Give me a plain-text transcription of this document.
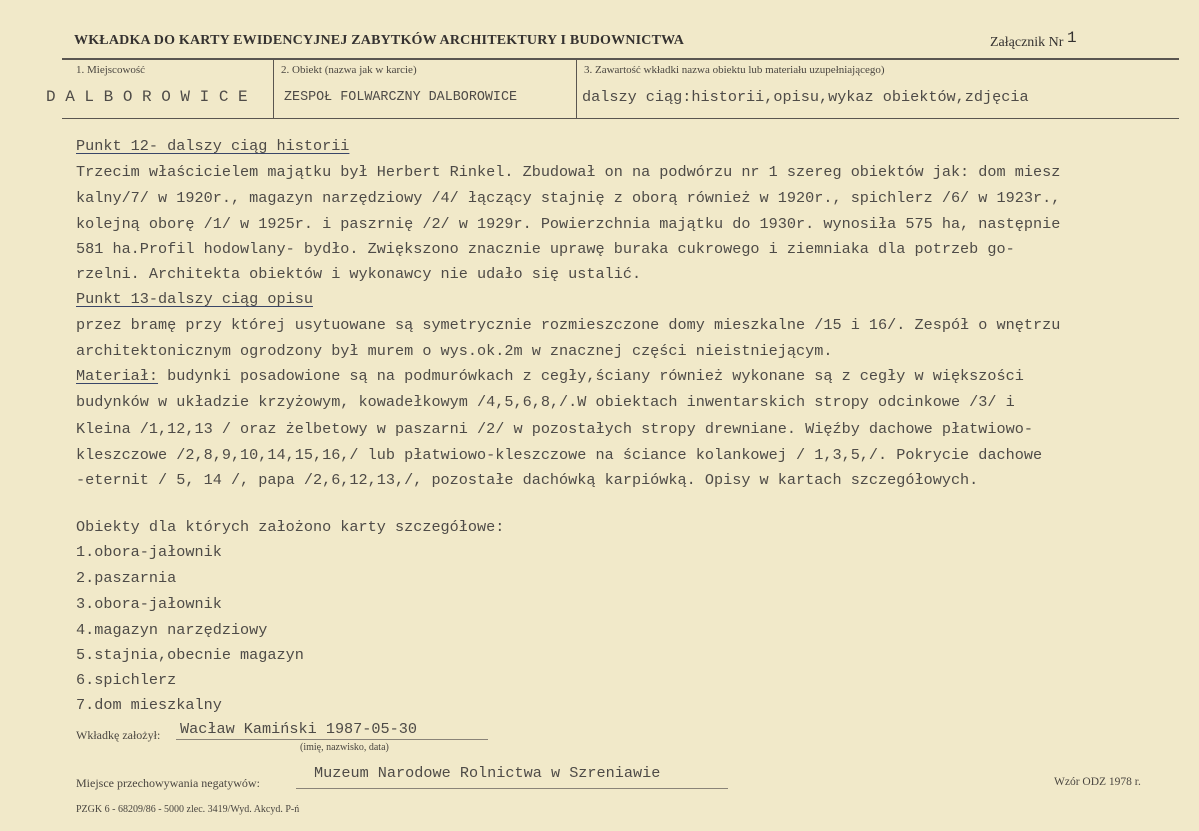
WKŁADKA DO KARTY EWIDENCYJNEJ ZABYTKÓW ARCHITEKTURY I BUDOWNICTWA	Załącznik Nr 1
1. Miejscowość	2. Obiekt (nazwa jak w karcie)	3. Zawartość wkładki nazwa obiektu lub materiału uzupełniającego)
D A L B O R O W I C E	ZESPOŁ FOLWARCZNY DALBOROWICE	dalszy ciąg:historii,opisu,wykaz obiektów,zdjęcia
Punkt 12- dalszy ciąg historii
Trzecim właścicielem majątku był Herbert Rinkel. Zbudował on na podwórzu nr 1 szereg obiektów jak: dom miesz
kalny/7/ w 1920r., magazyn narzędziowy /4/ łączący stajnię z oborą również w 1920r., spichlerz /6/ w 1923r.,
kolejną oborę /1/ w 1925r. i paszrnię /2/ w 1929r. Powierzchnia majątku do 1930r. wynosiła 575 ha, następnie
581 ha.Profil hodowlany- bydło. Zwiększono znacznie uprawę buraka cukrowego i ziemniaka dla potrzeb go-
rzelni. Architekta obiektów i wykonawcy nie udało się ustalić.
Punkt 13-dalszy ciąg opisu
przez bramę przy której usytuowane są symetrycznie rozmieszczone domy mieszkalne /15 i 16/. Zespół o wnętrzu
architektonicznym ogrodzony był murem o wys.ok.2m w znacznej części nieistniejącym.
Materiał: budynki posadowione są na podmurówkach z cegły,ściany również wykonane są z cegły w większości
budynków w układzie krzyżowym, kowadełkowym /4,5,6,8,/.W obiektach inwentarskich stropy odcinkowe /3/ i
Kleina /1,12,13 / oraz żelbetowy w paszarni /2/ w pozostałych stropy drewniane. Więźby dachowe płatwiowo-
kleszczowe /2,8,9,10,14,15,16,/ lub płatwiowo-kleszczowe na ściance kolankowej / 1,3,5,/. Pokrycie dachowe
-eternit / 5, 14 /, papa /2,6,12,13,/, pozostałe dachówką karpiówką. Opisy w kartach szczegółowych.
Obiekty dla których założono karty szczegółowe:
1.obora-jałownik
2.paszarnia
3.obora-jałownik
4.magazyn narzędziowy
5.stajnia,obecnie magazyn
6.spichlerz
7.dom mieszkalny
Wkładkę założył: Wacław Kamiński 1987-05-30
(imię, nazwisko, data)
Miejsce przechowywania negatywów:
Muzeum Narodowe Rolnictwa w Szreniawie	Wzór ODZ 1978 r.
PZGK 6 - 68209/86 - 5000 zlec. 3419/Wyd. Akcyd. P-ń
